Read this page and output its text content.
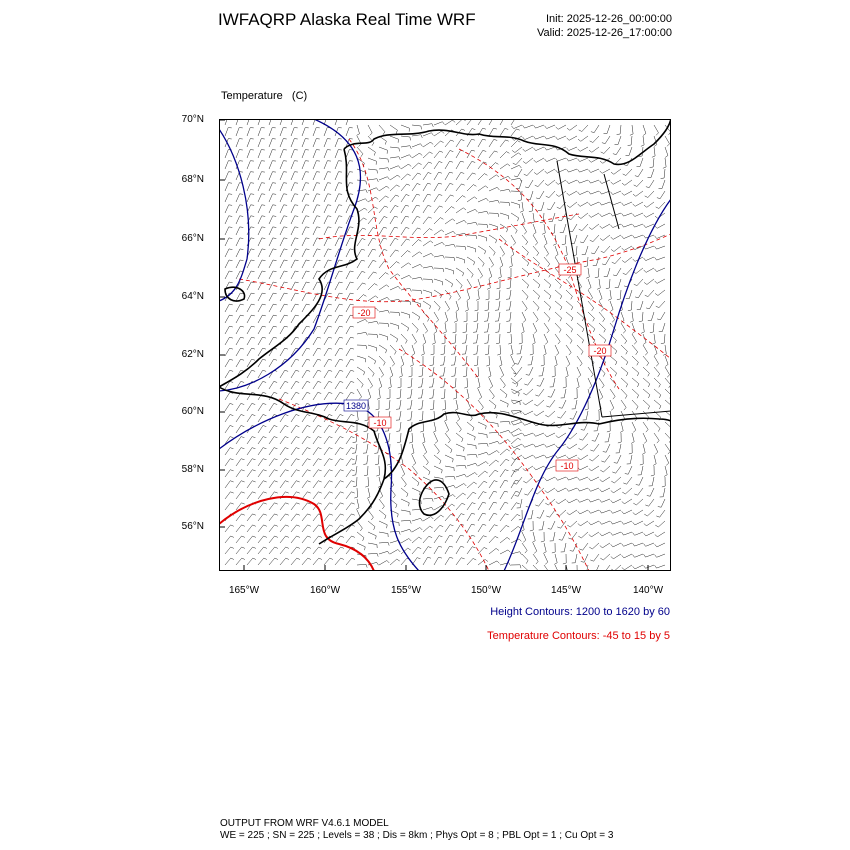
IWFAQRP Alaska Real Time WRF	Init: 2025-12-26_00:00:00
Valid: 2025-12-26_17:00:00

Temperature   (C)

70°N
68°N
66°N
64°N
62°N
60°N
58°N
56°N
165°W	160°W	155°W	150°W	145°W	140°W
-25
-20
-20
-10
-10
1380
Height Contours: 1200 to 1620 by 60
Temperature Contours: -45 to 15 by 5
OUTPUT FROM WRF V4.6.1 MODEL
WE = 225 ; SN = 225 ; Levels = 38 ; Dis = 8km ; Phys Opt = 8 ; PBL Opt = 1 ; Cu Opt = 3
